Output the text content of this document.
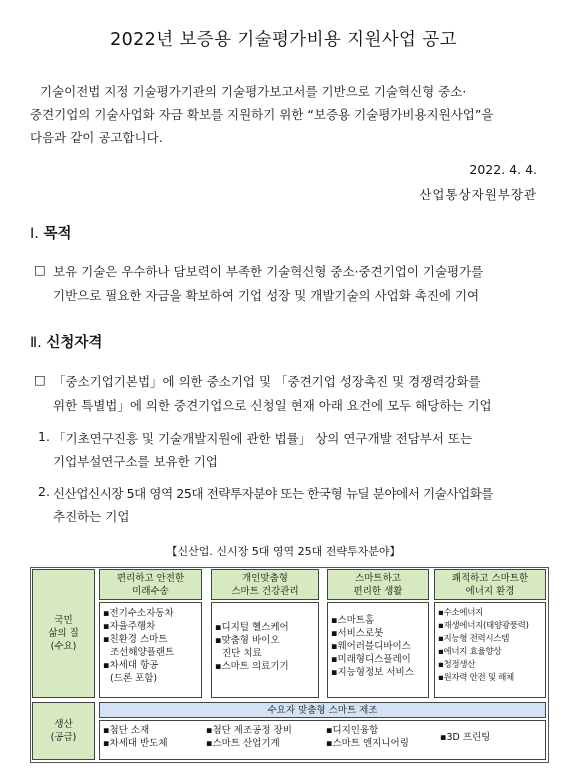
2022년 보증용 기술평가비용 지원사업 공고
기술이전법 지정 기술평가기관의 기술평가보고서를 기반으로 기술혁신형 중소·
중견기업의 기술사업화 자금 확보를 지원하기 위한 “보증용 기술평가비용지원사업”을
다음과 같이 공고합니다.
2022. 4. 4.
산업통상자원부장관
Ⅰ. 목적
□ 보유 기술은 우수하나 담보력이 부족한 기술혁신형 중소·중견기업이 기술평가를
기반으로 필요한 자금을 확보하여 기업 성장 및 개발기술의 사업화 촉진에 기여
Ⅱ. 신청자격
□ 「중소기업기본법」에 의한 중소기업 및 「중견기업 성장촉진 및 경쟁력강화를
위한 특별법」에 의한 중견기업으로 신청일 현재 아래 요건에 모두 해당하는 기업
1. 「기초연구진흥 및 기술개발지원에 관한 법률」 상의 연구개발 전담부서 또는
기업부설연구소를 보유한 기업
2. 신산업신시장 5대 영역 25대 전략투자분야 또는 한국형 뉴딜 분야에서 기술사업화를
추진하는 기업
【신산업. 신시장 5대 영역 25대 전략투자분야】
국민
삶의 질
(수요)
편리하고 안전한
미래수송
개인맞춤형
스마트 건강관리
스마트하고
편리한 생활
쾌적하고 스마트한
에너지 환경
▪전기수소자동차
▪자율주행차
▪친환경 스마트
조선해양플랜트
▪차세대 항공
(드론 포함)
▪디지털 헬스케어
▪맞춤형 바이오
진단 치료
▪스마트 의료기기
▪스마트홈
▪서비스로봇
▪웨어러블디바이스
▪미래형디스플레이
▪지능형정보 서비스
▪수소에너지
▪재생에너지(태양광풍력)
▪지능형 전력시스템
▪에너지 효율향상
▪청정생산
▪원자력 안전 및 해체
생산
(공급)
수요자 맞춤형 스마트 제조
▪첨단 소재
▪차세대 반도체
▪첨단 제조공정 장비
▪스마트 산업기계
▪디지인융합
▪스마트 엔지니어링
▪3D 프린팅
